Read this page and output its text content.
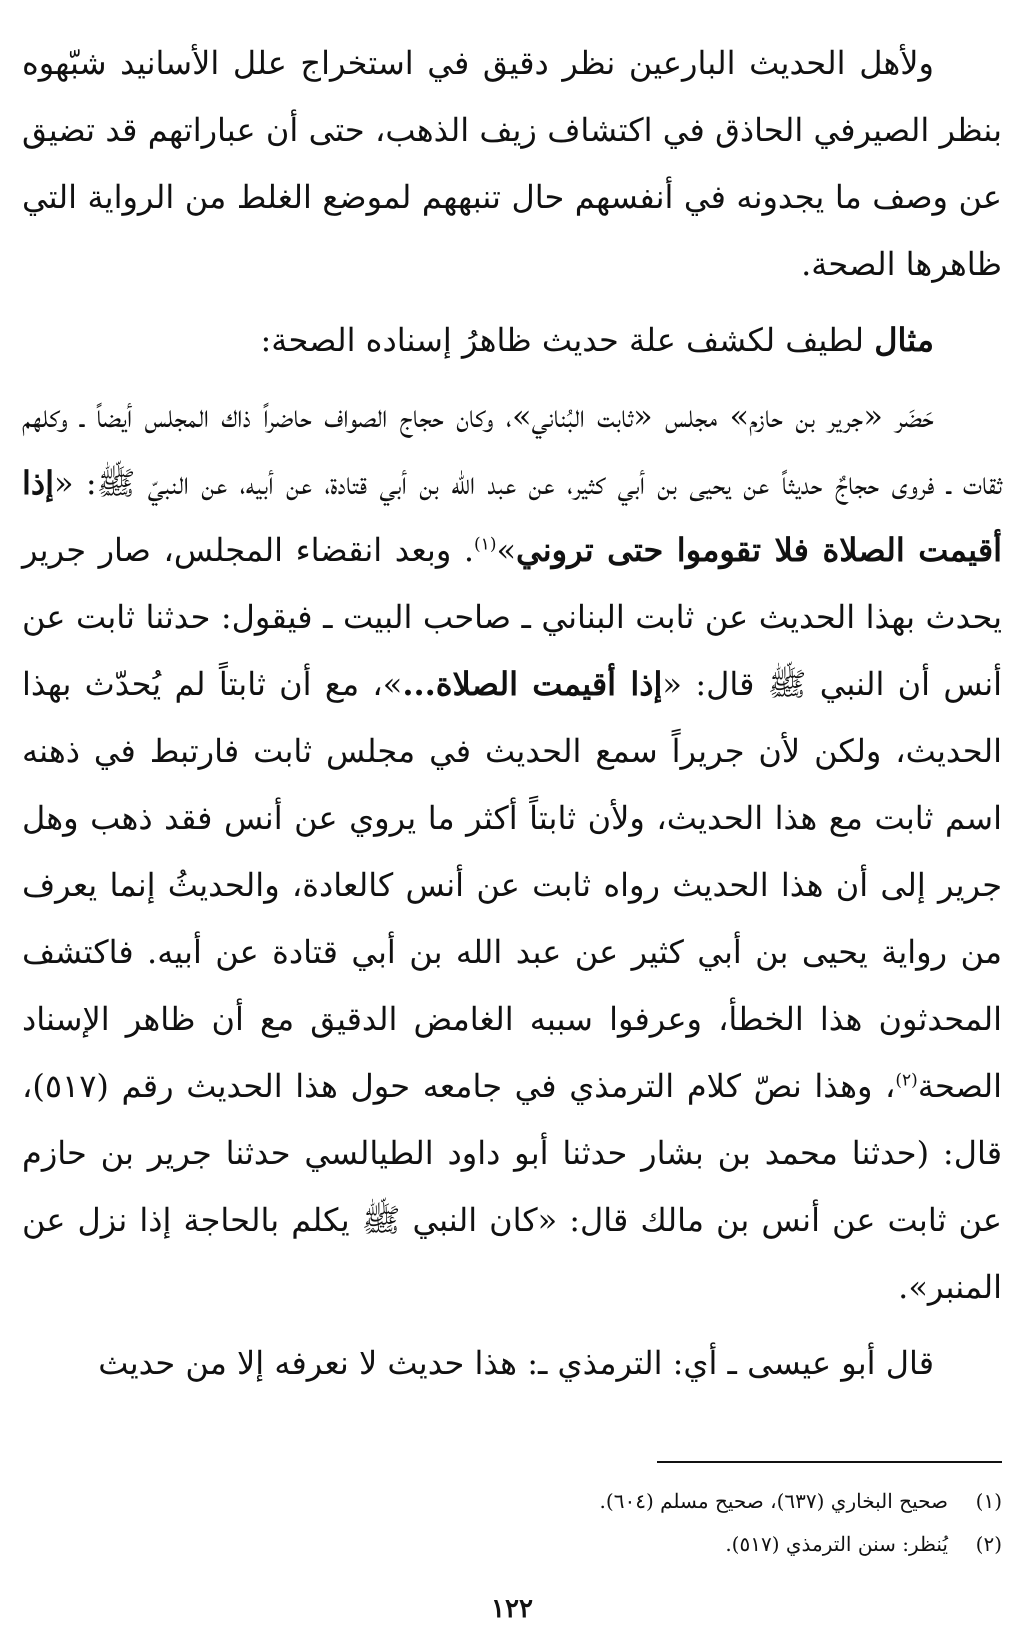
ولأهل الحديث البارعين نظر دقيق في استخراج علل الأسانيد شبّهوه بنظر الصيرفي الحاذق في اكتشاف زيف الذهب، حتى أن عباراتهم قد تضيق عن وصف ما يجدونه في أنفسهم حال تنبههم لموضع الغلط من الرواية التي ظاهرها الصحة.

مثال لطيف لكشف علة حديث ظاهرُ إسناده الصحة:

حَضَر «جرير بن حازم» مجلس «ثابت البُناني»، وكان حجاج الصواف حاضراً ذاك المجلس أيضاً ـ وكلهم ثقات ـ فروى حجاجٌ حديثاً عن يحيى بن أبي كثير، عن عبد الله بن أبي قتادة، عن أبيه، عن النبيّ ﷺ: «إذا أقيمت الصلاة فلا تقوموا حتى تروني»$^{(١)}$. وبعد انقضاء المجلس، صار جرير يحدث بهذا الحديث عن ثابت البناني ـ صاحب البيت ـ فيقول: حدثنا ثابت عن أنس أن النبي ﷺ قال: «إذا أقيمت الصلاة...»، مع أن ثابتاً لم يُحدّث بهذا الحديث، ولكن لأن جريراً سمع الحديث في مجلس ثابت فارتبط في ذهنه اسم ثابت مع هذا الحديث، ولأن ثابتاً أكثر ما يروي عن أنس فقد ذهب وهل جرير إلى أن هذا الحديث رواه ثابت عن أنس كالعادة، والحديثُ إنما يعرف من رواية يحيى بن أبي كثير عن عبد الله بن أبي قتادة عن أبيه. فاكتشف المحدثون هذا الخطأ، وعرفوا سببه الغامض الدقيق مع أن ظاهر الإسناد الصحة$^{(٢)}$، وهذا نصّ كلام الترمذي في جامعه حول هذا الحديث رقم (٥١٧)، قال: (حدثنا محمد بن بشار حدثنا أبو داود الطيالسي حدثنا جرير بن حازم عن ثابت عن أنس بن مالك قال: «كان النبي ﷺ يكلم بالحاجة إذا نزل عن المنبر».

قال أبو عيسى ـ أي: الترمذي ـ: هذا حديث لا نعرفه إلا من حديث

(١)
صحيح البخاري (٦٣٧)، صحيح مسلم (٦٠٤).
(٢)
يُنظر: سنن الترمذي (٥١٧).
١٢٢
